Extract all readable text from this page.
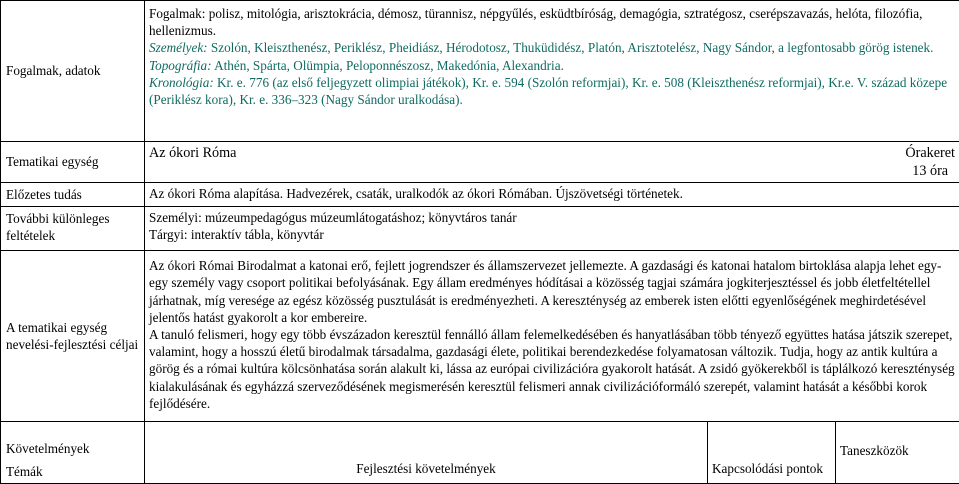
Fogalmak, adatok	Fogalmak: polisz, mitológia, arisztokrácia, démosz, türannisz, népgyűlés, esküdtbíróság, demagógia, sztratégosz, cserépszavazás, helóta, filozófia, hellenizmus.
Személyek: Szolón, Kleiszthenész, Periklész, Pheidiász, Hérodotosz, Thuküdidész, Platón, Arisztotelész, Nagy Sándor, a legfontosabb görög istenek.
Topográfia: Athén, Spárta, Olümpia, Peloponnészosz, Makedónia, Alexandria.
Kronológia: Kr. e. 776 (az első feljegyzett olimpiai játékok), Kr. e. 594 (Szolón reformjai), Kr. e. 508 (Kleiszthenész reformjai), Kr.e. V. század közepe (Periklész kora), Kr. e. 336–323 (Nagy Sándor uralkodása).		

Tematikai egység	Az ókori Róma Órakeret
13 óra		

Előzetes tudás	Az ókori Róma alapítása. Hadvezérek, csaták, uralkodók az ókori Rómában. Újszövetségi történetek.		
További különleges feltételek	Személyi: múzeumpedagógus múzeumlátogatáshoz; könyvtáros tanár
Tárgyi: interaktív tábla, könyvtár		

A tematikai egység nevelési-fejlesztési céljai	Az ókori Római Birodalmat a katonai erő, fejlett jogrendszer és államszervezet jellemezte. A gazdasági és katonai hatalom birtoklása alapja lehet egy-egy személy vagy csoport politikai befolyásának. Egy állam eredményes hódításai a közösség tagjai számára jogkiterjesztéssel és jobb életfeltétellel járhatnak, míg veresége az egész közösség pusztulását is eredményezheti. A kereszténység az emberek isten előtti egyenlőségének meghirdetésével jelentős hatást gyakorolt a kor embereire.
A tanuló felismeri, hogy egy több évszázadon keresztül fennálló állam felemelkedésében és hanyatlásában több tényező együttes hatása játszik szerepet, valamint, hogy a hosszú életű birodalmak társadalma, gazdasági élete, politikai berendezkedése folyamatosan változik. Tudja, hogy az antik kultúra a görög és a római kultúra kölcsönhatása során alakult ki, lássa az európai civilizációra gyakorolt hatását. A zsidó gyökerekből is táplálkozó kereszténység kialakulásának és egyházzá szerveződésének megismerésén keresztül felismeri annak civilizációformáló szerepét, valamint hatását a későbbi korok fejlődésére.		

Követelmények
Témák	Fejlesztési követelmények	Kapcsolódási pontok	Taneszközök
